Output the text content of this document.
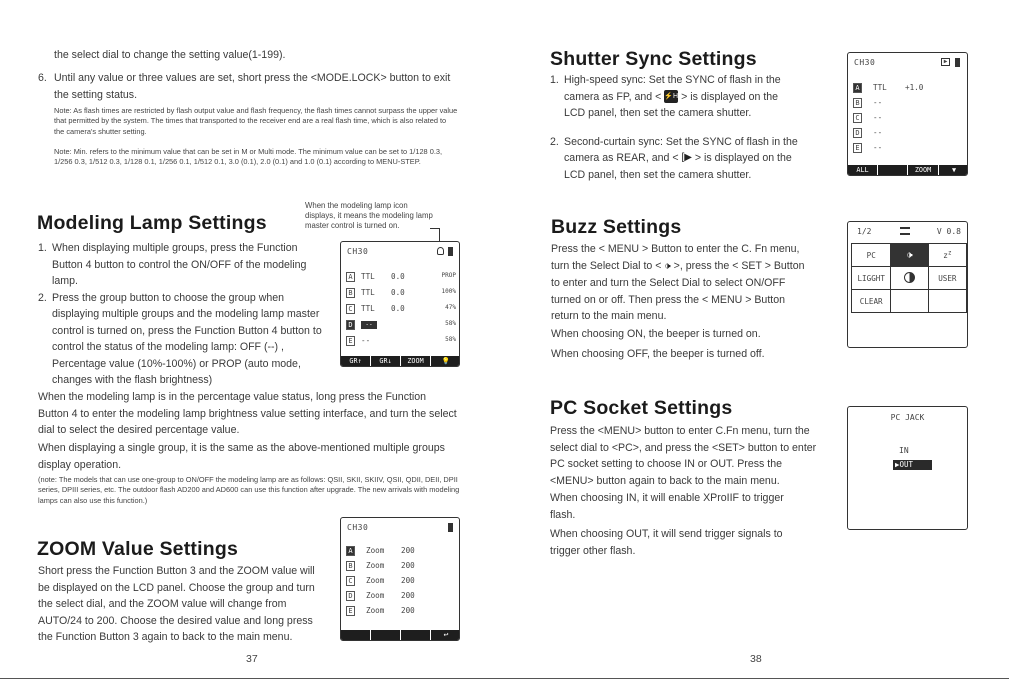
the select dial to change the setting value(1-199).
6. Until any value or three values are set, short press the <MODE.LOCK> button to exit the setting status.
Note: As flash times are restricted by flash output value and flash frequency, the flash times cannot surpass the upper value that permitted by the system. The times that transported to the receiver end are a real flash time, which is also related to the camera's shutter setting.
Note: Min. refers to the minimum value that can be set in M or Multi mode. The minimum value can be set to 1/128 0.3, 1/256 0.3, 1/512 0.3, 1/128 0.1, 1/256 0.1, 1/512 0.1, 3.0 (0.1), 2.0 (0.1) and 1.0 (0.1) according to MENU-STEP.
Modeling Lamp Settings
When the modeling lamp icon displays, it means the modeling lamp master control is turned on.
1. When displaying multiple groups, press the Function Button 4 button to control the ON/OFF of the modeling lamp.
2. Press the group button to choose the group when displaying multiple groups and the modeling lamp master control is turned on, press the Function Button 4 button to control the status of the modeling lamp: OFF (--) , Percentage value (10%-100%) or PROP (auto mode, changes with the flash brightness)
CH30
A	TTL 0.0	PROP
B	TTL 0.0	100%
C	TTL 0.0	47%
D	--	58%
E	--	58%
GR↑	GR↓	ZOOM	💡
When the modeling lamp is in the percentage value status, long press the Function Button 4 to enter the modeling lamp brightness value setting interface, and turn the select dial to select the desired percentage value.
When displaying a single group, it is the same as the above-mentioned multiple groups display operation.
(note: The models that can use one-group to ON/OFF the modeling lamp are as follows: QSII, SKII, SKIIV, QSII, QDII, DEII, DPII series, DPIII series, etc. The outdoor flash AD200 and AD600 can use this function after upgrade. The new arrivals with modeling lamps can also use this function.)
ZOOM Value Settings
Short press the Function Button 3 and the ZOOM value will be displayed on the LCD panel. Choose the group and turn the select dial, and the ZOOM value will change from AUTO/24 to 200. Choose the desired value and long press the Function Button 3 again to back to the main menu.
CH30
A	Zoom 200
B	Zoom 200
C	Zoom 200
D	Zoom 200
E	Zoom 200
↩
37
Shutter Sync Settings
1. High-speed sync: Set the SYNC of flash in the camera as FP, and < ⚡H > is displayed on the LCD panel, then set the camera shutter.
2. Second-curtain sync: Set the SYNC of flash in the camera as REAR, and < [▶ > is displayed on the LCD panel, then set the camera shutter.
CH30	▶
A	TTL +1.0
B	--
C	--
D	--
E	--
ALL	ZOOM	▼
Buzz Settings
Press the < MENU > Button to enter the C. Fn menu, turn the Select Dial to < 🕩 >, press the < SET > Button to enter and turn the Select Dial to select ON/OFF turned on or off. Then press the < MENU > Button return to the main menu.
When choosing ON, the beeper is turned on.
When choosing OFF, the beeper is turned off.
1/2	V 0.8
PC	🕩	$z^z$
LIGGHT		USER
CLEAR		
PC Socket Settings
Press the <MENU> button to enter C.Fn menu, turn the select dial to <PC>, and press the <SET> button to enter PC socket setting to choose IN or OUT. Press the <MENU> button again to back to the main menu.
When choosing IN, it will enable XProIIF to trigger flash.
When choosing OUT, it will send trigger signals to trigger other flash.
PC JACK
IN
▶OUT
38
